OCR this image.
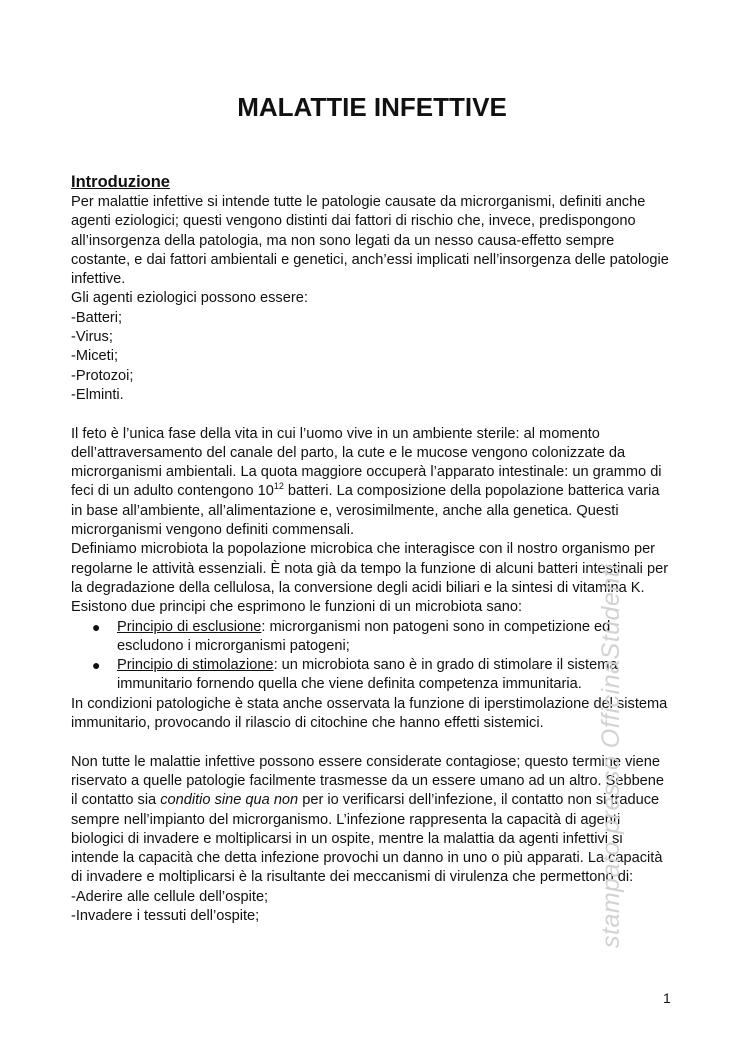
MALATTIE INFETTIVE

Introduzione

Per malattie infettive si intende tutte le patologie causate da microrganismi, definiti anche agenti eziologici; questi vengono distinti dai fattori di rischio che, invece, predispongono all’insorgenza della patologia, ma non sono legati da un nesso causa-effetto sempre costante, e dai fattori ambientali e genetici, anch’essi implicati nell’insorgenza delle patologie infettive.

Gli agenti eziologici possono essere:

-Batteri;

-Virus;

-Miceti;

-Protozoi;

-Elminti.

Il feto è l’unica fase della vita in cui l’uomo vive in un ambiente sterile: al momento dell’attraversamento del canale del parto, la cute e le mucose vengono colonizzate da microrganismi ambientali. La quota maggiore occuperà l’apparato intestinale: un grammo di feci di un adulto contengono $10^{12}$ batteri. La composizione della popolazione batterica varia in base all’ambiente, all’alimentazione e, verosimilmente, anche alla genetica. Questi microrganismi vengono definiti commensali.

Definiamo microbiota la popolazione microbica che interagisce con il nostro organismo per regolarne le attività essenziali. È nota già da tempo la funzione di alcuni batteri intestinali per la degradazione della cellulosa, la conversione degli acidi biliari e la sintesi di vitamina K. Esistono due principi che esprimono le funzioni di un microbiota sano:

● Principio di esclusione: microrganismi non patogeni sono in competizione ed escludono i microrganismi patogeni;
● Principio di stimolazione: un microbiota sano è in grado di stimolare il sistema immunitario fornendo quella che viene definita competenza immunitaria.

In condizioni patologiche è stata anche osservata la funzione di iperstimolazione del sistema immunitario, provocando il rilascio di citochine che hanno effetti sistemici.

Non tutte le malattie infettive possono essere considerate contagiose; questo termine viene riservato a quelle patologie facilmente trasmesse da un essere umano ad un altro. Sebbene il contatto sia conditio sine qua non per io verificarsi dell’infezione, il contatto non si traduce sempre nell’impianto del microrganismo. L’infezione rappresenta la capacità di agenti biologici di invadere e moltiplicarsi in un ospite, mentre la malattia da agenti infettivi si intende la capacità che detta infezione provochi un danno in uno o più apparati. La capacità di invadere e moltiplicarsi è la risultante dei meccanismi di virulenza che permettono di:

-Aderire alle cellule dell’ospite;

-Invadere i tessuti dell’ospite;	stampato presso OfficinaStudenti
1
